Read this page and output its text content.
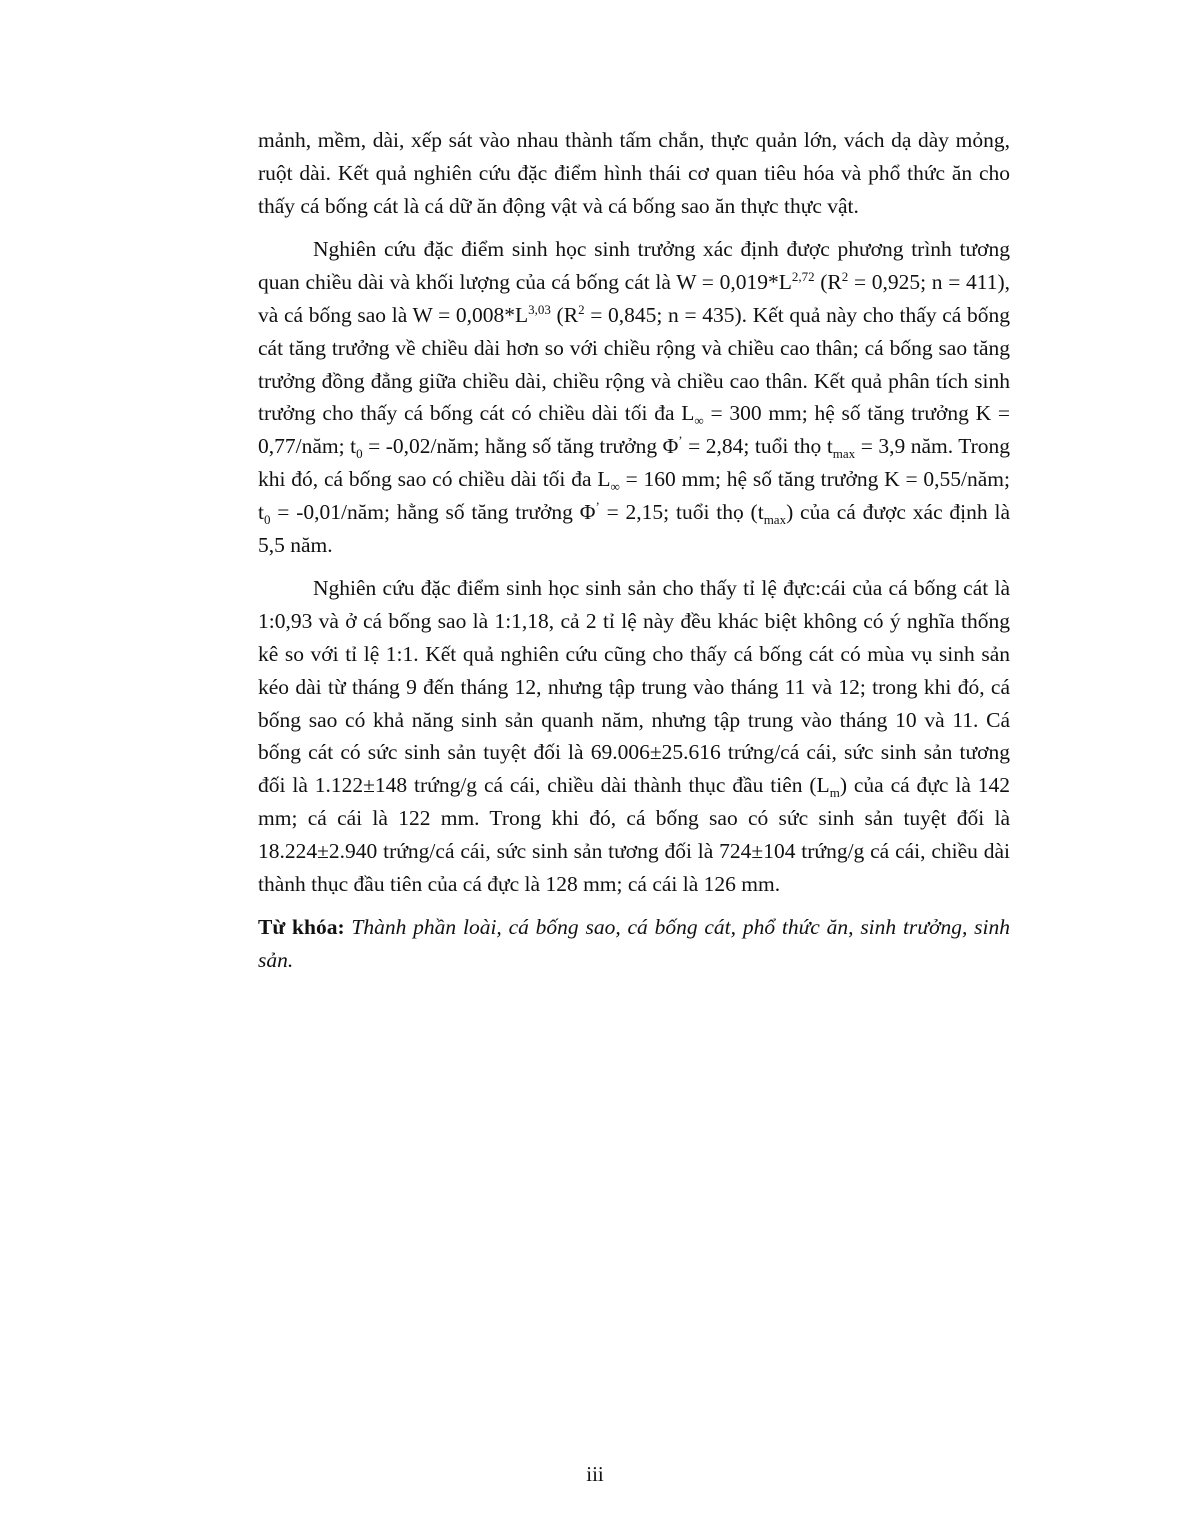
mảnh, mềm, dài, xếp sát vào nhau thành tấm chắn, thực quản lớn, vách dạ dày mỏng, ruột dài. Kết quả nghiên cứu đặc điểm hình thái cơ quan tiêu hóa và phổ thức ăn cho thấy cá bống cát là cá dữ ăn động vật và cá bống sao ăn thực thực vật.

Nghiên cứu đặc điểm sinh học sinh trưởng xác định được phương trình tương quan chiều dài và khối lượng của cá bống cát là $W = 0,019*L^{2,72}$ ($R^2 = 0,925$; n = 411), và cá bống sao là $W = 0,008*L^{3,03}$ ($R^2 = 0,845$; n = 435). Kết quả này cho thấy cá bống cát tăng trưởng về chiều dài hơn so với chiều rộng và chiều cao thân; cá bống sao tăng trưởng đồng đẳng giữa chiều dài, chiều rộng và chiều cao thân. Kết quả phân tích sinh trưởng cho thấy cá bống cát có chiều dài tối đa $L_\infty = 300$ mm; hệ số tăng trưởng K = 0,77/năm; $t_0$ = -0,02/năm; hằng số tăng trưởng Φ’ = 2,84; tuổi thọ $t_{max} = 3,9$ năm. Trong khi đó, cá bống sao có chiều dài tối đa $L_\infty = 160$ mm; hệ số tăng trưởng K = 0,55/năm; $t_0$ = -0,01/năm; hằng số tăng trưởng Φ’ = 2,15; tuổi thọ $(t_{max})$ của cá được xác định là 5,5 năm.

Nghiên cứu đặc điểm sinh học sinh sản cho thấy tỉ lệ đực:cái của cá bống cát là 1:0,93 và ở cá bống sao là 1:1,18, cả 2 tỉ lệ này đều khác biệt không có ý nghĩa thống kê so với tỉ lệ 1:1. Kết quả nghiên cứu cũng cho thấy cá bống cát có mùa vụ sinh sản kéo dài từ tháng 9 đến tháng 12, nhưng tập trung vào tháng 11 và 12; trong khi đó, cá bống sao có khả năng sinh sản quanh năm, nhưng tập trung vào tháng 10 và 11. Cá bống cát có sức sinh sản tuyệt đối là 69.006±25.616 trứng/cá cái, sức sinh sản tương đối là 1.122±148 trứng/g cá cái, chiều dài thành thục đầu tiên $(L_m)$ của cá đực là 142 mm; cá cái là 122 mm. Trong khi đó, cá bống sao có sức sinh sản tuyệt đối là 18.224±2.940 trứng/cá cái, sức sinh sản tương đối là 724±104 trứng/g cá cái, chiều dài thành thục đầu tiên của cá đực là 128 mm; cá cái là 126 mm.

Từ khóa: Thành phần loài, cá bống sao, cá bống cát, phổ thức ăn, sinh trưởng, sinh sản.

iii
